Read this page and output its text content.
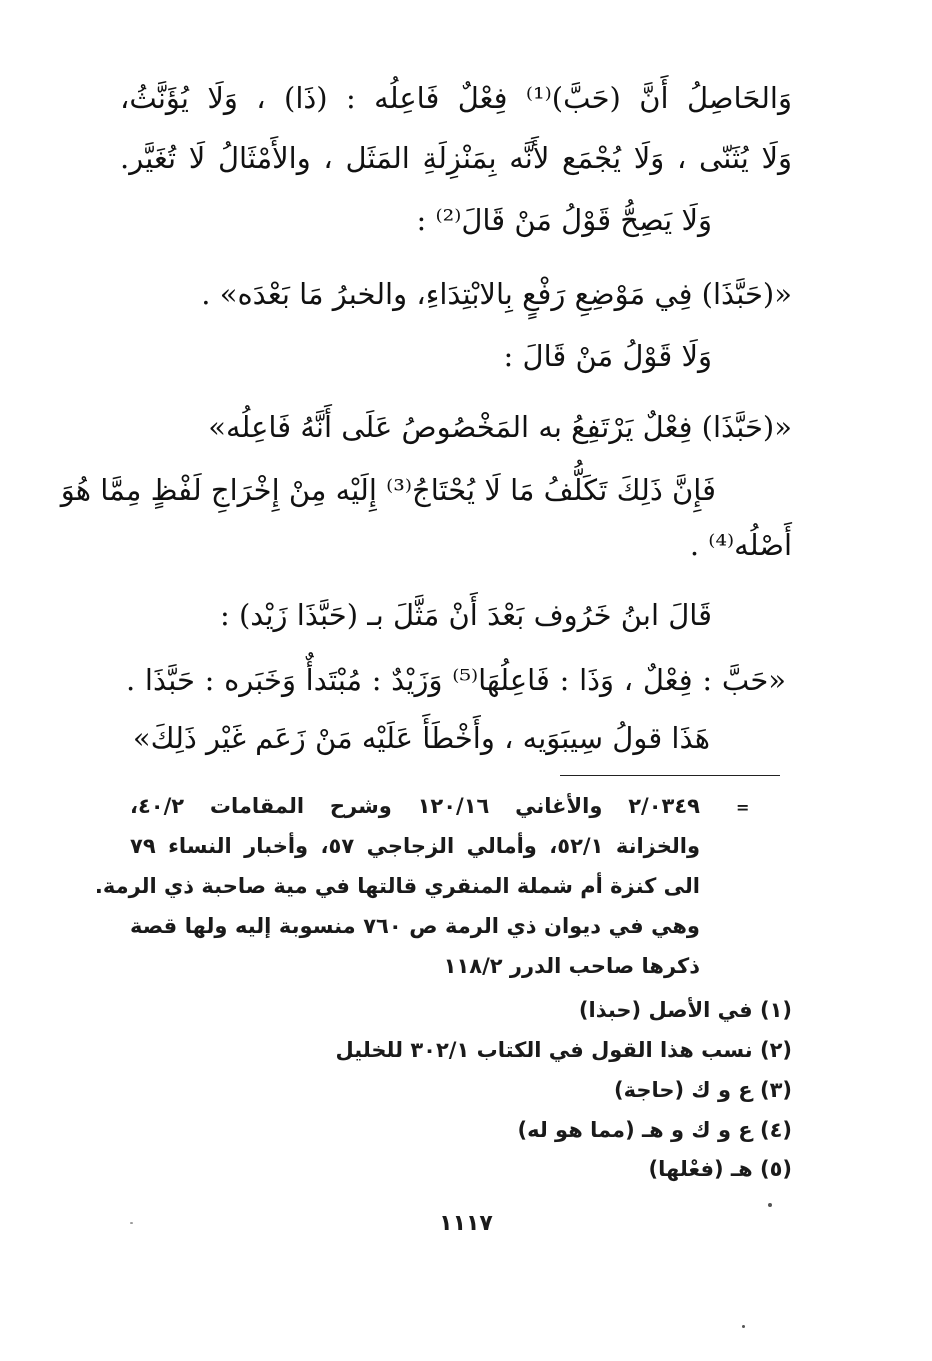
وَالحَاصِلُ أَنَّ (حَبَّ)⁽¹⁾ فِعْلٌ فَاعِلُه : (ذَا) ، وَلَا يُؤَنَّثُ،
وَلَا يُثَنّى ، وَلَا يُجْمَع لأَنَّه بِمَنْزِلَةِ المَثَل ، والأَمْثَالُ لَا تُغَيَّر.
وَلَا يَصِحُّ قَوْلُ مَنْ قَالَ⁽²⁾ :
«(حَبَّذَا) فِي مَوْضِعِ رَفْعٍ بِالابْتِدَاءِ، والخبرُ مَا بَعْدَه» .
وَلَا قَوْلُ مَنْ قَالَ :
«(حَبَّذَا) فِعْلٌ يَرْتَفِعُ به المَخْصُوصُ عَلَى أَنَّهُ فَاعِلُه»
فَإِنَّ ذَلِكَ تَكَلُّفُ مَا لَا يُحْتَاجُ⁽³⁾ إِلَيْه مِنْ إِخْرَاجِ لَفْظٍ مِمَّا هُوَ
أَصْلُه⁽⁴⁾ .
قَالَ ابنُ خَرُوف بَعْدَ أَنْ مَثَّلَ بـ (حَبَّذَا زَيْد) :
«حَبَّ : فِعْلٌ ، وَذَا : فَاعِلُهَا⁽⁵⁾ وَزَيْدٌ : مُبْتَدأٌ وَخَبَره : حَبَّذَا .
هَذَا قولُ سِيبَوَيه ، وأَخْطَأَ عَلَيْه مَنْ زَعَم غَيْر ذَلِكَ»
=
٢/٠٣٤٩ والأغاني ١٢٠/١٦ وشرح المقامات ٤٠/٢،
والخزانة ٥٢/١، وأمالي الزجاجي ٥٧، وأخبار النساء ٧٩
الى كنزة أم شملة المنقري قالتها في مية صاحبة ذي الرمة.
وهي في ديوان ذي الرمة ص ٧٦٠ منسوبة إليه ولها قصة
ذكرها صاحب الدرر ١١٨/٢
(١) في الأصل (حبذا)
(٢) نسب هذا القول في الكتاب ٣٠٢/١ للخليل
(٣) ع و ك (حاجة)
(٤) ع و ك و هـ (مما هو له)
(٥) هـ (فعْلها)
١١١٧
